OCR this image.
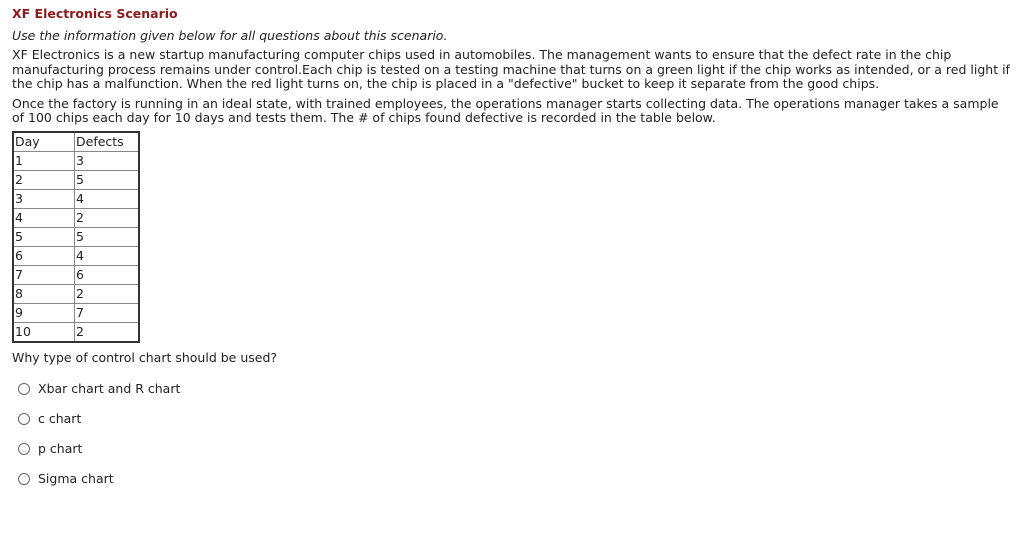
XF Electronics Scenario
Use the information given below for all questions about this scenario.

XF Electronics is a new startup manufacturing computer chips used in automobiles. The management wants to ensure that the defect rate in the chip manufacturing process remains under control.Each chip is tested on a testing machine that turns on a green light if the chip works as intended, or a red light if the chip has a malfunction. When the red light turns on, the chip is placed in a "defective" bucket to keep it separate from the good chips.

Once the factory is running in an ideal state, with trained employees, the operations manager starts collecting data. The operations manager takes a sample of 100 chips each day for 10 days and tests them. The # of chips found defective is recorded in the table below.

Day	Defects
1	3
2	5
3	4
4	2
5	5
6	4
7	6
8	2
9	7
10	2
Why type of control chart should be used?
Xbar chart and R chart
c chart
p chart
Sigma chart
